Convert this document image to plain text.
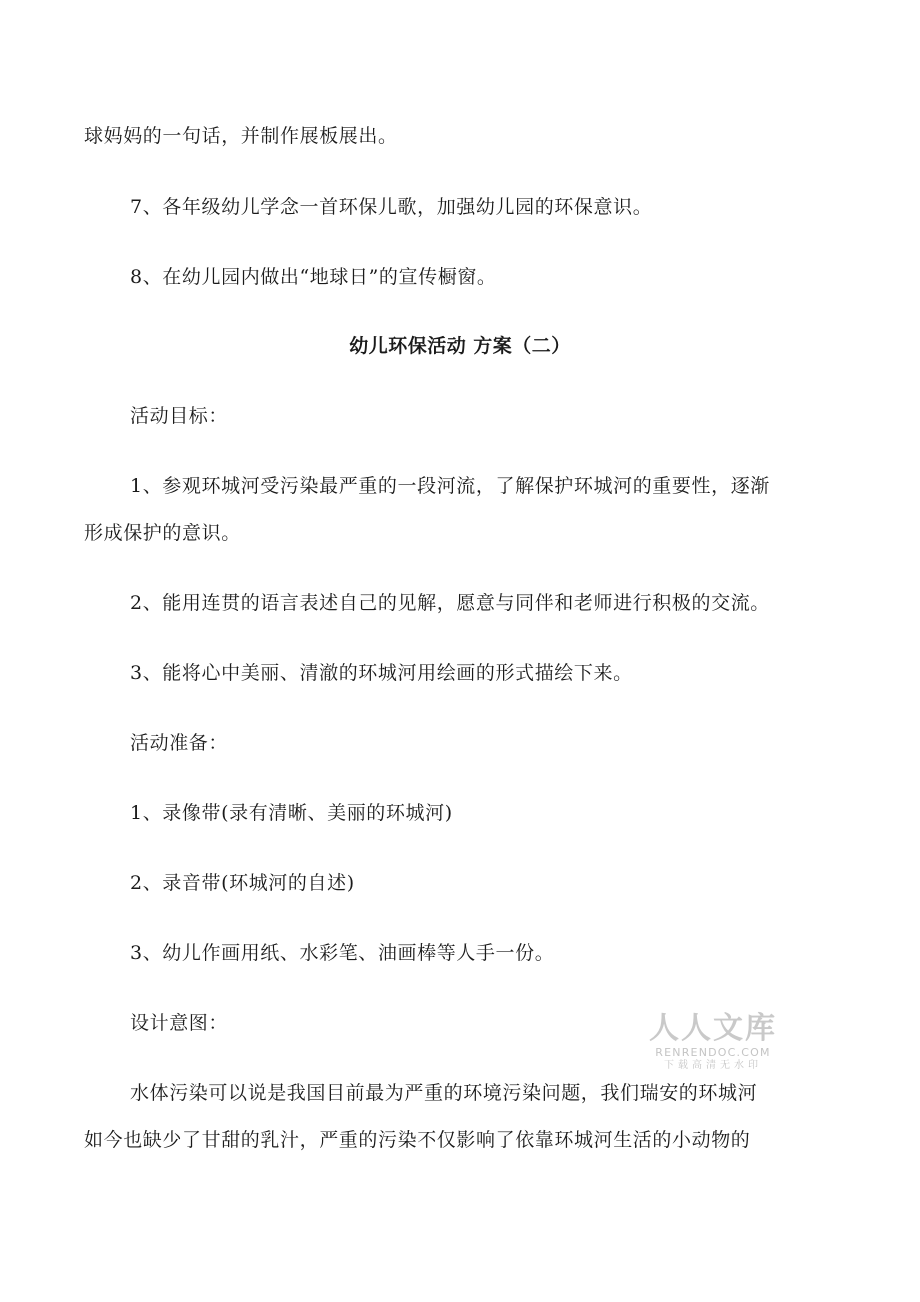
球妈妈的一句话，并制作展板展出。
7、各年级幼儿学念一首环保儿歌，加强幼儿园的环保意识。
8、在幼儿园内做出“地球日”的宣传橱窗。
幼儿环保活动 方案（二）
活动目标：
1、参观环城河受污染最严重的一段河流，了解保护环城河的重要性，逐渐
形成保护的意识。
2、能用连贯的语言表述自己的见解，愿意与同伴和老师进行积极的交流。
3、能将心中美丽、清澈的环城河用绘画的形式描绘下来。
活动准备：
1、录像带(录有清晰、美丽的环城河)
2、录音带(环城河的自述)
3、幼儿作画用纸、水彩笔、油画棒等人手一份。
设计意图：
水体污染可以说是我国目前最为严重的环境污染问题，我们瑞安的环城河
如今也缺少了甘甜的乳汁，严重的污染不仅影响了依靠环城河生活的小动物的
人人文库
RENRENDOC.COM
下载高清无水印
